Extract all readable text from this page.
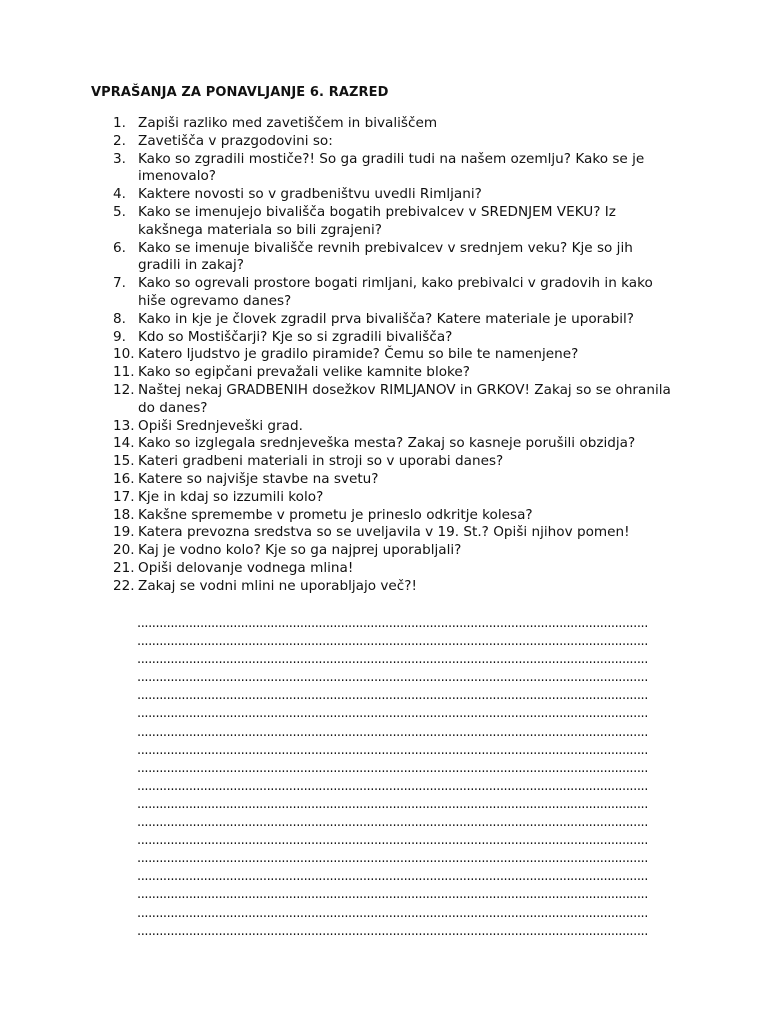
VPRAŠANJA ZA PONAVLJANJE 6. RAZRED
1. Zapiši razliko med zavetiščem in bivališčem
2. Zavetišča v prazgodovini so:
3. Kako so zgradili mostiče?! So ga gradili tudi na našem ozemlju? Kako se je imenovalo?
4. Kaktere novosti so v gradbeništvu uvedli Rimljani?
5. Kako se imenujejo bivališča bogatih prebivalcev v SREDNJEM VEKU? Iz kakšnega materiala so bili zgrajeni?
6. Kako se imenuje bivališče revnih prebivalcev v srednjem veku? Kje so jih gradili in zakaj?
7. Kako so ogrevali prostore bogati rimljani, kako prebivalci v gradovih in kako hiše ogrevamo danes?
8. Kako in kje je človek zgradil prva bivališča? Katere materiale je uporabil?
9. Kdo so Mostiščarji? Kje so si zgradili bivališča?
10. Katero ljudstvo je gradilo piramide? Čemu so bile te namenjene?
11. Kako so egipčani prevažali velike kamnite bloke?
12. Naštej nekaj GRADBENIH dosežkov RIMLJANOV in GRKOV! Zakaj so se ohranila do danes?
13. Opiši Srednjeveški grad.
14. Kako so izglegala srednjeveška mesta? Zakaj so kasneje porušili obzidja?
15. Kateri gradbeni materiali in stroji so v uporabi danes?
16. Katere so najvišje stavbe na svetu?
17. Kje in kdaj so izzumili kolo?
18. Kakšne spremembe v prometu je prineslo odkritje kolesa?
19. Katera prevozna sredstva so se uveljavila v 19. St.? Opiši njihov pomen!
20. Kaj je vodno kolo? Kje so ga najprej uporabljali?
21. Opiši delovanje vodnega mlina!
22. Zakaj se vodni mlini ne uporabljajo več?!
..........................................................................................................................................
..........................................................................................................................................
..........................................................................................................................................
..........................................................................................................................................
..........................................................................................................................................
..........................................................................................................................................
..........................................................................................................................................
..........................................................................................................................................
..........................................................................................................................................
..........................................................................................................................................
..........................................................................................................................................
..........................................................................................................................................
..........................................................................................................................................
..........................................................................................................................................
..........................................................................................................................................
..........................................................................................................................................
..........................................................................................................................................
..........................................................................................................................................
